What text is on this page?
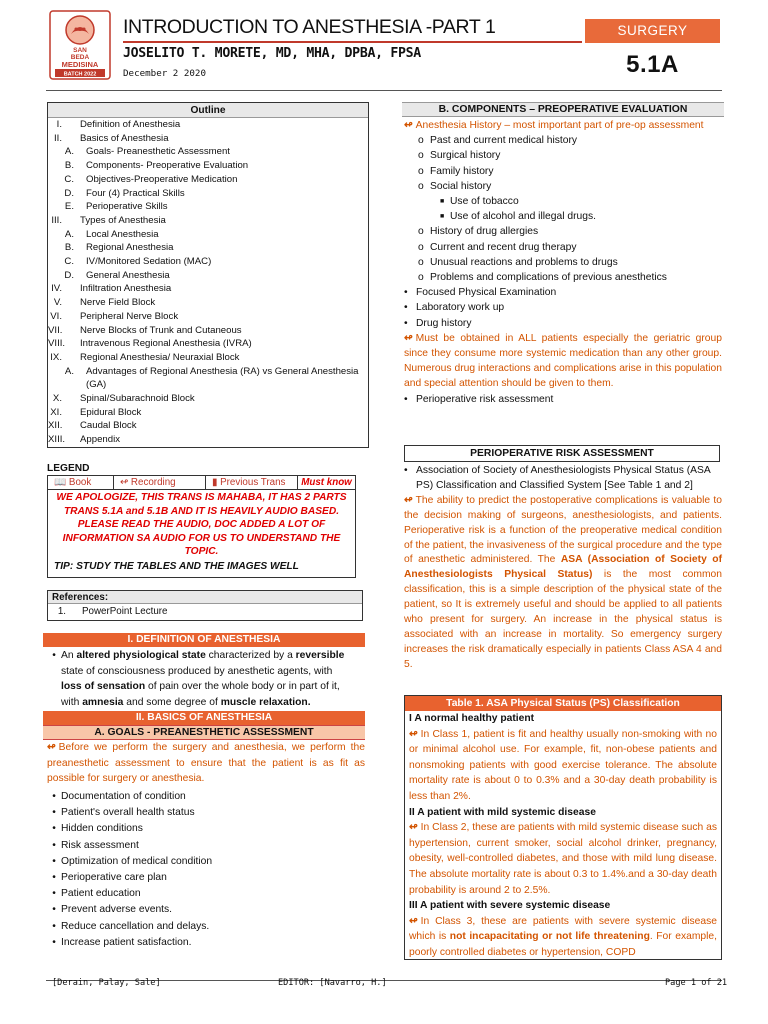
SAN
BEDA
MEDISINA
BATCH 2022
INTRODUCTION TO ANESTHESIA -PART 1
JOSELITO T. MORETE, MD, MHA, DPBA, FPSA
December 2 2020
SURGERY
5.1A
Outline
I.	Definition of Anesthesia
II.	Basics of Anesthesia
A.	Goals- Preanesthetic Assessment
B.	Components- Preoperative Evaluation
C.	Objectives-Preoperative Medication
D.	Four (4) Practical Skills
E.	Perioperative Skills
III.	Types of Anesthesia
A.	Local Anesthesia
B.	Regional Anesthesia
C.	IV/Monitored Sedation (MAC)
D.	General Anesthesia
IV.	Infiltration Anesthesia
V.	Nerve Field Block
VI.	Peripheral Nerve Block
VII.	Nerve Blocks of Trunk and Cutaneous
VIII.	Intravenous Regional Anesthesia (IVRA)
IX.	Regional Anesthesia/ Neuraxial Block
A.	Advantages of Regional Anesthesia (RA) vs General Anesthesia (GA)
X.	Spinal/Subarachnoid Block
XI.	Epidural Block
XII.	Caudal Block
XIII.	Appendix
LEGEND
📖 Book	↫ Recording	▮ Previous Trans	Must know
WE APOLOGIZE, THIS TRANS IS MAHABA, IT HAS 2 PARTS TRANS 5.1A and 5.1B AND IT IS HEAVILY AUDIO BASED. PLEASE READ THE AUDIO, DOC ADDED A LOT OF INFORMATION SA AUDIO FOR US TO UNDERSTAND THE TOPIC.
TIP: STUDY THE TABLES AND THE IMAGES WELL
References:
1.	PowerPoint Lecture
I. DEFINITION OF ANESTHESIA
• An altered physiological state characterized by a reversible
state of consciousness produced by anesthetic agents, with
loss of sensation of pain over the whole body or in part of it,
with amnesia and some degree of muscle relaxation.
II. BASICS OF ANESTHESIA
A. GOALS - PREANESTHETIC ASSESSMENT
↫ Before we perform the surgery and anesthesia, we perform the preanesthetic assessment to ensure that the patient is as fit as possible for surgery or anesthesia.
• Documentation of condition
• Patient's overall health status
• Hidden conditions
• Risk assessment
• Optimization of medical condition
• Perioperative care plan
• Patient education
• Prevent adverse events.
• Reduce cancellation and delays.
• Increase patient satisfaction.
B. COMPONENTS – PREOPERATIVE EVALUATION
↫ Anesthesia History – most important part of pre-op assessment
o Past and current medical history
o Surgical history
o Family history
o Social history
■ Use of tobacco
■ Use of alcohol and illegal drugs.
o History of drug allergies
o Current and recent drug therapy
o Unusual reactions and problems to drugs
o Problems and complications of previous anesthetics
• Focused Physical Examination
• Laboratory work up
• Drug history
↫ Must be obtained in ALL patients especially the geriatric group since they consume more systemic medication than any other group. Numerous drug interactions and complications arise in this population and special attention should be given to them.
• Perioperative risk assessment
PERIOPERATIVE RISK ASSESSMENT
• Association of Society of Anesthesiologists Physical Status (ASA PS) Classification and Classified System [See Table 1 and 2]
↫ The ability to predict the postoperative complications is valuable to the decision making of surgeons, anesthesiologists, and patients. Perioperative risk is a function of the preoperative medical condition of the patient, the invasiveness of the surgical procedure and the type of anesthetic administered. The ASA (Association of Society of Anesthesiologists Physical Status) is the most common classification, this is a simple description of the physical state of the patient, so It is extremely useful and should be applied to all patients who present for surgery. An increase in the physical status is associated with an increase in mortality. So emergency surgery increases the risk dramatically especially in patients Class ASA 4 and 5.
Table 1. ASA Physical Status (PS) Classification
I A normal healthy patient
↫ In Class 1, patient is fit and healthy usually non-smoking with no or minimal alcohol use. For example, fit, non-obese patients and nonsmoking patients with good exercise tolerance. The absolute mortality rate is about 0 to 0.3% and a 30-day death probability is less than 2%.
II A patient with mild systemic disease
↫ In Class 2, these are patients with mild systemic disease such as hypertension, current smoker, social alcohol drinker, pregnancy, obesity, well-controlled diabetes, and those with mild lung disease. The absolute mortality rate is about 0.3 to 1.4%.and a 30-day death probability is around 2 to 2.5%.
III A patient with severe systemic disease
↫ In Class 3, these are patients with severe systemic disease which is not incapacitating or not life threatening. For example, poorly controlled diabetes or hypertension, COPD
[Derain, Palay, Sale]	EDITOR: [Navarro, H.]	Page 1 of 21
